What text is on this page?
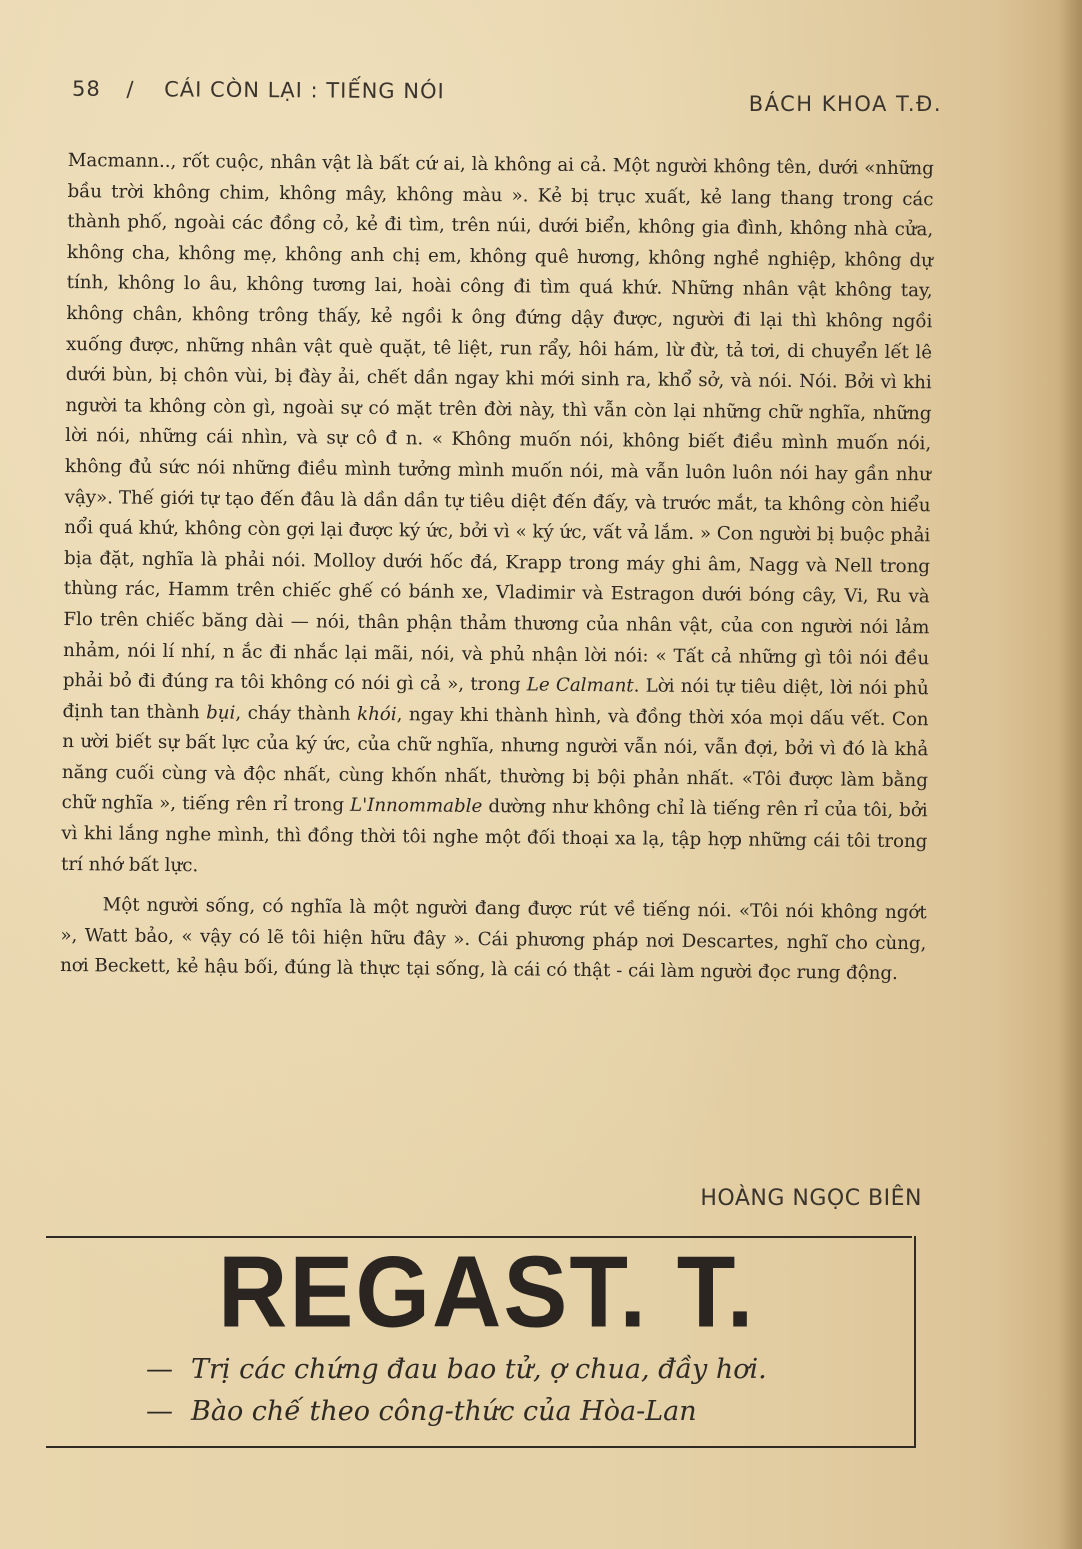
58 / CÁI CÒN LẠI : TIẾNG NÓI
BÁCH KHOA T.Đ.

Macmann.., rốt cuộc, nhân vật là bất cứ ai, là không ai cả. Một người không tên, dưới «những bầu trời không chim, không mây, không màu ». Kẻ bị trục xuất, kẻ lang thang trong các thành phố, ngoài các đồng cỏ, kẻ đi tìm, trên núi, dưới biển, không gia đình, không nhà cửa, không cha, không mẹ, không anh chị em, không quê hương, không nghề nghiệp, không dự tính, không lo âu, không tương lai, hoài công đi tìm quá khứ. Những nhân vật không tay, không chân, không trông thấy, kẻ ngồi k ông đứng dậy được, người đi lại thì không ngồi xuống được, những nhân vật què quặt, tê liệt, run rẩy, hôi hám, lừ đừ, tả tơi, di chuyển lết lê dưới bùn, bị chôn vùi, bị đày ải, chết dần ngay khi mới sinh ra, khổ sở, và nói. Nói. Bởi vì khi người ta không còn gì, ngoài sự có mặt trên đời này, thì vẫn còn lại những chữ nghĩa, những lời nói, những cái nhìn, và sự cô đ n. « Không muốn nói, không biết điều mình muốn nói, không đủ sức nói những điều mình tưởng mình muốn nói, mà vẫn luôn luôn nói hay gần như vậy». Thế giới tự tạo đến đâu là dần dần tự tiêu diệt đến đấy, và trước mắt, ta không còn hiểu nổi quá khứ, không còn gợi lại được ký ức, bởi vì « ký ức, vất vả lắm. » Con người bị buộc phải bịa đặt, nghĩa là phải nói. Molloy dưới hốc đá, Krapp trong máy ghi âm, Nagg và Nell trong thùng rác, Hamm trên chiếc ghế có bánh xe, Vladimir và Estragon dưới bóng cây, Vi, Ru và Flo trên chiếc băng dài — nói, thân phận thảm thương của nhân vật, của con người nói lảm nhảm, nói lí nhí, n ắc đi nhắc lại mãi, nói, và phủ nhận lời nói: « Tất cả những gì tôi nói đều phải bỏ đi đúng ra tôi không có nói gì cả », trong Le Calmant. Lời nói tự tiêu diệt, lời nói phủ định tan thành bụi, cháy thành khói, ngay khi thành hình, và đồng thời xóa mọi dấu vết. Con n ười biết sự bất lực của ký ức, của chữ nghĩa, nhưng người vẫn nói, vẫn đợi, bởi vì đó là khả năng cuối cùng và độc nhất, cùng khốn nhất, thường bị bội phản nhất. «Tôi được làm bằng chữ nghĩa », tiếng rên rỉ trong L'Innommable dường như không chỉ là tiếng rên rỉ của tôi, bởi vì khi lắng nghe mình, thì đồng thời tôi nghe một đối thoại xa lạ, tập hợp những cái tôi trong trí nhớ bất lực.

Một người sống, có nghĩa là một người đang được rút về tiếng nói. «Tôi nói không ngớt », Watt bảo, « vậy có lẽ tôi hiện hữu đây ». Cái phương pháp nơi Descartes, nghĩ cho cùng, nơi Beckett, kẻ hậu bối, đúng là thực tại sống, là cái có thật - cái làm người đọc rung động.

HOÀNG NGỌC BIÊN
REGAST. T.
— Trị các chứng đau bao tử, ợ chua, đầy hơi.
— Bào chế theo công-thức của Hòa-Lan
